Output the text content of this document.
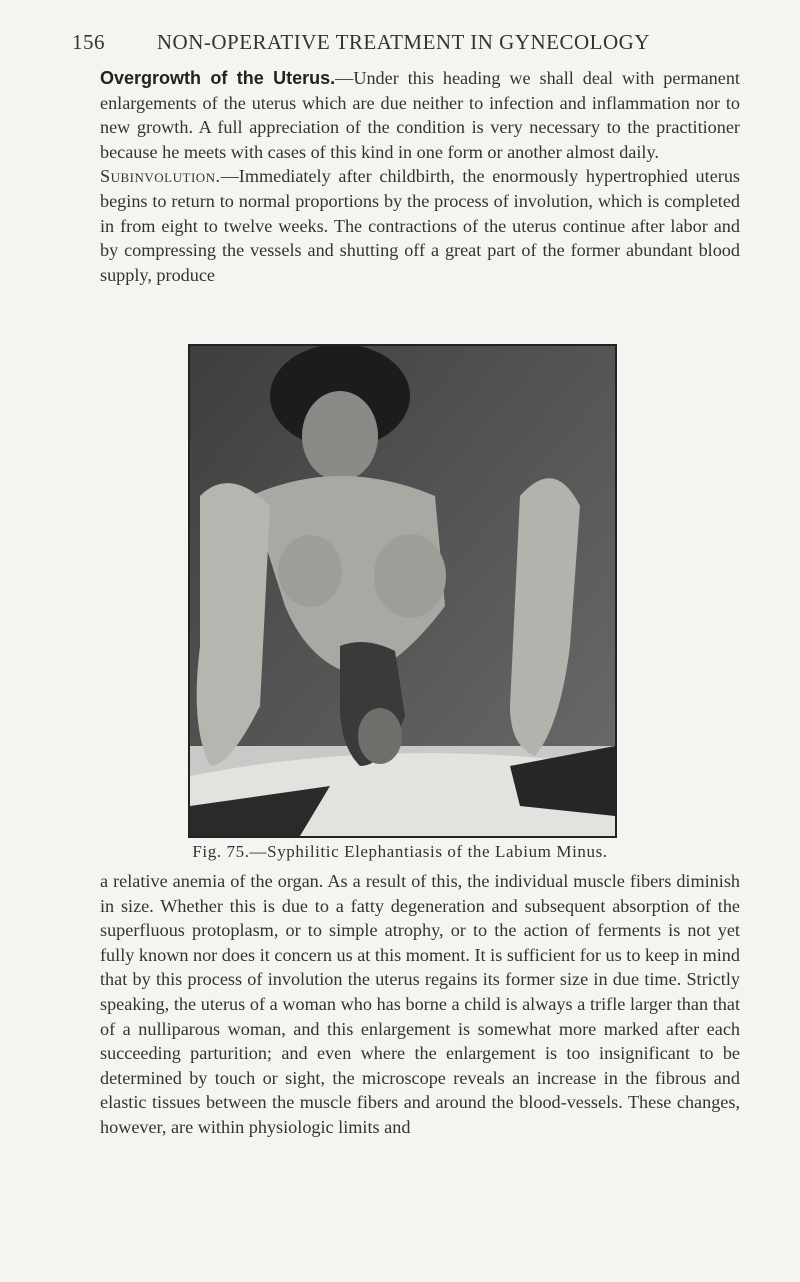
156 NON-OPERATIVE TREATMENT IN GYNECOLOGY

Overgrowth of the Uterus.—Under this heading we shall deal with permanent enlargements of the uterus which are due neither to infection and inflammation nor to new growth. A full appreciation of the condition is very necessary to the practitioner because he meets with cases of this kind in one form or another almost daily.

Subinvolution.—Immediately after childbirth, the enormously hypertrophied uterus begins to return to normal proportions by the process of involution, which is completed in from eight to twelve weeks. The contractions of the uterus continue after labor and by compressing the vessels and shutting off a great part of the former abundant blood supply, produce

Fig. 75.—Syphilitic Elephantiasis of the Labium Minus.

a relative anemia of the organ. As a result of this, the individual muscle fibers diminish in size. Whether this is due to a fatty degeneration and subsequent absorption of the superfluous protoplasm, or to simple atrophy, or to the action of ferments is not yet fully known nor does it concern us at this moment. It is sufficient for us to keep in mind that by this process of involution the uterus regains its former size in due time. Strictly speaking, the uterus of a woman who has borne a child is always a trifle larger than that of a nulliparous woman, and this enlargement is somewhat more marked after each succeeding parturition; and even where the enlargement is too insignificant to be determined by touch or sight, the microscope reveals an increase in the fibrous and elastic tissues between the muscle fibers and around the blood-vessels. These changes, however, are within physiologic limits and
